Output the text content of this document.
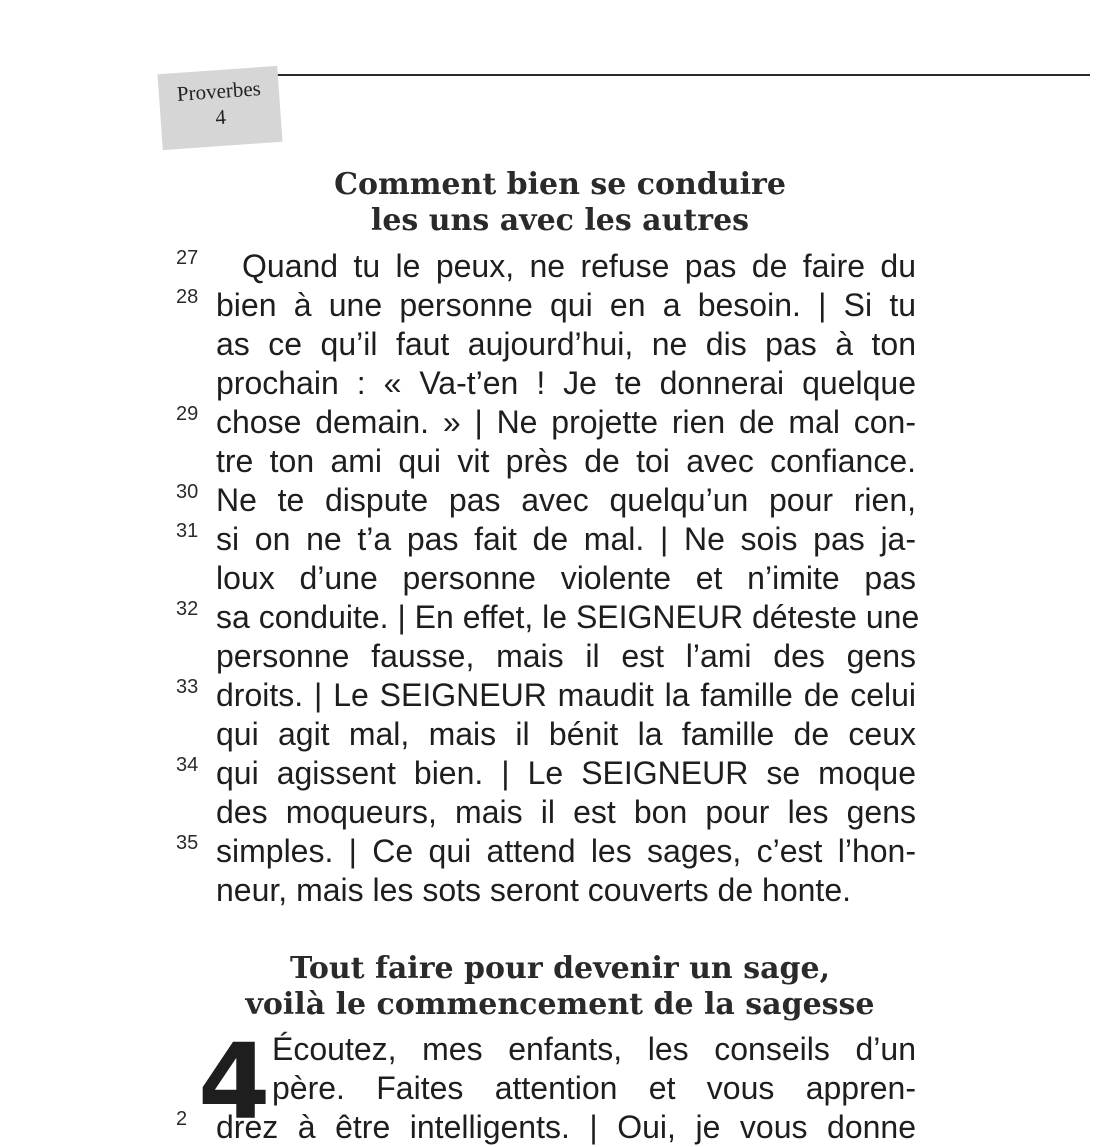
Proverbes
4
Comment bien se conduire
les uns avec les autres
27 Quand tu le peux, ne refuse pas de faire du
28 bien à une personne qui en a besoin. | Si tu
as ce qu’il faut aujourd’hui, ne dis pas à ton
prochain : « Va-t’en ! Je te donnerai quelque
29 chose demain. » | Ne projette rien de mal con-
tre ton ami qui vit près de toi avec confiance.
30 Ne te dispute pas avec quelqu’un pour rien,
31 si on ne t’a pas fait de mal. | Ne sois pas ja-
loux d’une personne violente et n’imite pas
32 sa conduite. | En effet, le SEIGNEUR déteste une
personne fausse, mais il est l’ami des gens
33 droits. | Le SEIGNEUR maudit la famille de celui
qui agit mal, mais il bénit la famille de ceux
34 qui agissent bien. | Le SEIGNEUR se moque
des moqueurs, mais il est bon pour les gens
35 simples. | Ce qui attend les sages, c’est l’hon-
neur, mais les sots seront couverts de honte.
Tout faire pour devenir un sage,
voilà le commencement de la sagesse
4 Écoutez, mes enfants, les conseils d’un
père. Faites attention et vous appren-
2 drez à être intelligents. | Oui, je vous donne
